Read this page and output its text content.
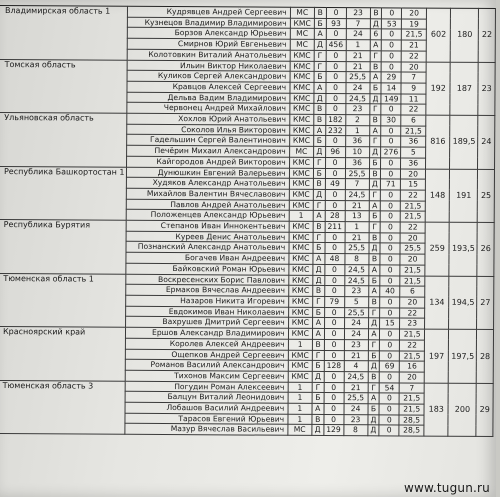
Владимирская область 1	Кудрявцев Андрей Сергеевич	МС	В	0	23	В	0	20	602	180	22
	Кузнецов Владимир Владимирович	КМС	Б	93	7	Д	53	19			
	Борзов Александр Юрьевич	МС	А	0	24	6	0	21,5			
	Смирнов Юрий Евгеньевич	МС	Д	456	1	А	0	21			
	Колотовкин Виталий Анатольевич	КМС	Г	0	21	Г	0	22			
Томская область	Ильин Виктор Николаевич	КМС	Г	0	21	В	0	20	192	187	23
	Куликов Сергей Александрович	КМС	Б	0	25,5	А	29	7			
	Кравцов Алексей Сергеевич	КМС	А	0	24	Б	14	9			
	Дельва Вадим Владимирович	КМС	Д	0	24,5	Д	149	11			
	Червонец Андрей Михайлович	КМС	В	0	23	Г	0	22			
Ульяновская область	Хохлов Юрий Анатольевич	КМС	В	182	2	В	30	6	816	189,5	24
	Соколов Илья Викторович	КМС	А	232	1	А	0	21,5			
	Гадельшин Сергей Валентинович	КМС	Б	0	36	Г	0	36			
	Печёрин Михаил Александрович	МС	Д	96	10	Д	276	5			
	Кайгородов Андрей Викторович	КМС	Г	0	36	Б	0	36			
Республика Башкортостан 1	Дунюшкин Евгений Валерьевич	КМС	Б	0	25,5	В	0	20	148	191	25
	Худяков Александр Анатольевич	КМС	В	49	7	Д	71	15			
	Михайлов Валентин Вячеславович	КМС	Д	0	24,5	Г	0	22			
	Павлов Андрей Анатольевич	КМС	Г	0	21	А	0	21,5			
	Положенцев Александр Юрьевич	1	А	28	13	Б	0	21,5			
Республика Бурятия	Степанов Иван Иннокентьевич	КМС	В	211	1	Г	0	22	259	193,5	26
	Куреев Денис Анатольевич	КМС	Г	0	21	В	0	20			
	Познанский Александр Анатольевич	КМС	Б	0	25,5	Д	0	25,5			
	Богачев Иван Андреевич	КМС	А	48	8	В	0	20			
	Байковский Роман Юрьевич	КМС	Д	0	24,5	А	0	21,5			
Тюменская область 1	Воскресенских Борис Павлович	КМС	Д	0	24,5	Б	0	21,5	134	194,5	27
	Ермаков Вячеслав Андреевич	КМС	В	0	23	А	40	6			
	Назаров Никита Игоревич	КМС	Г	79	5	В	0	20			
	Евдокимов Иван Николаевич	КМС	Б	0	25,5	Г	0	22			
	Вахрушев Дмитрий Сергеевич	КМС	А	0	24	Д	15	23			
Красноярский край	Ершов Александр Владимирович	КМС	А	0	24	А	0	21,5	197	197,5	28
	Королев Алексей Андреевич	1	В	0	23	Г	0	22			
	Ощепков Андрей Сергеевич	КМС	Г	0	21	Б	0	21,5			
	Романов Василий Александрович	КМС	Б	128	4	Д	69	16			
	Тихонов Максим Сергеевич	КМС	Д	0	24,5	В	0	20			
Тюменская область 3	Погудин Роман Алексеевич	1	Г	0	21	Г	54	7	183	200	29
	Балцун Виталий Леонидович	1	Б	0	25,5	А	0	21,5			
	Лобашов Василий Андреевич	1	А	0	24	Б	0	21,5			
	Тарасов Евгений Юрьевич	1	В	0	23	Д	0	28,5			
	Мазур Вячеслав Васильевич	МС	Д	129	8	Д	0	28,5			
www.tugun.ru
